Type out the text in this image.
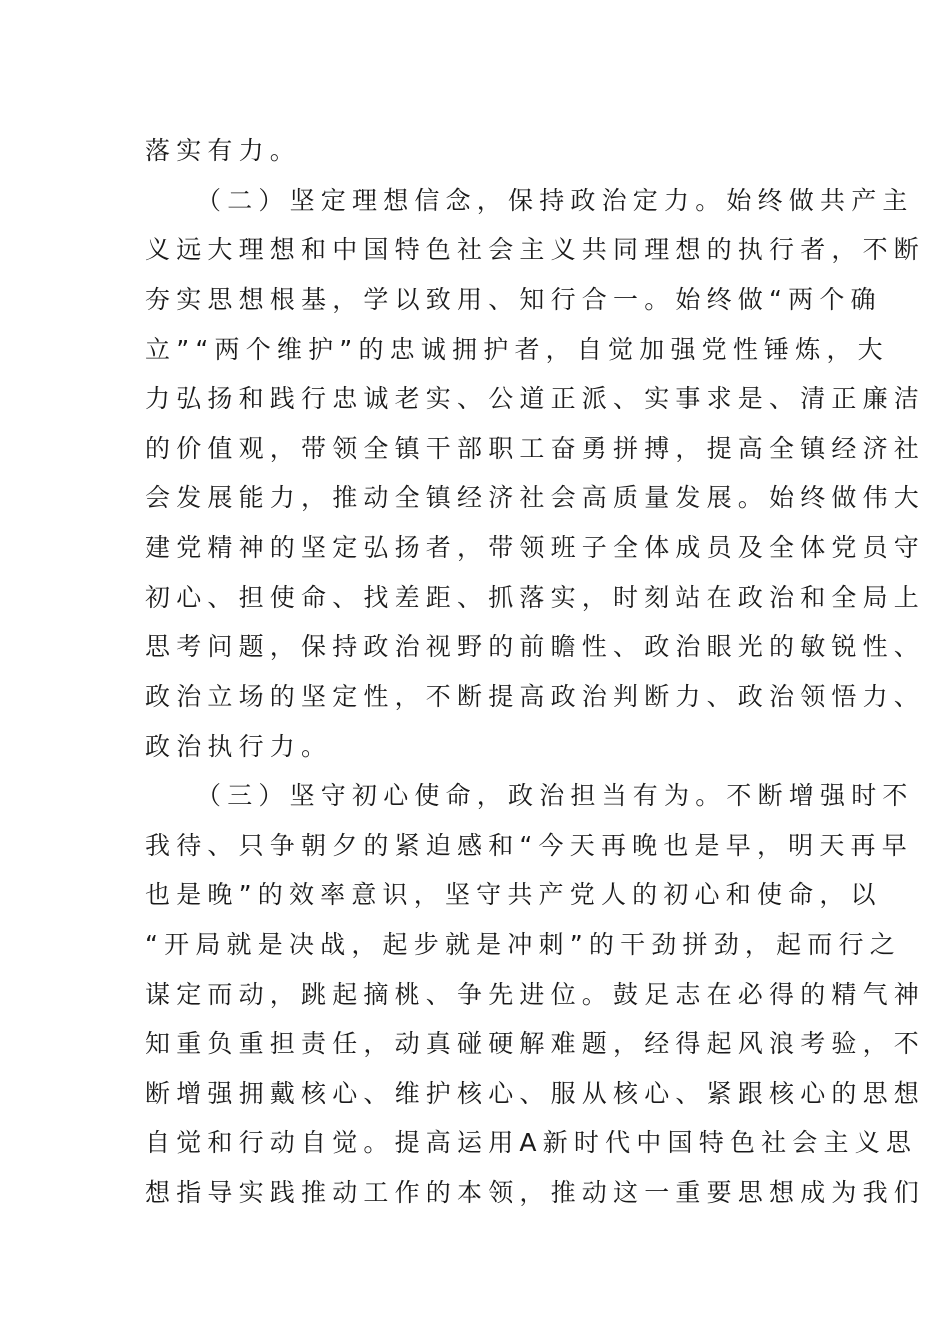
落实有力。
（二）坚定理想信念，保持政治定力。始终做共产主
义远大理想和中国特色社会主义共同理想的执行者，不断
夯实思想根基，学以致用、知行合一。始终做“两个确
立”“两个维护”的忠诚拥护者，自觉加强党性锤炼，大
力弘扬和践行忠诚老实、公道正派、实事求是、清正廉洁
的价值观，带领全镇干部职工奋勇拼搏，提高全镇经济社
会发展能力，推动全镇经济社会高质量发展。始终做伟大
建党精神的坚定弘扬者，带领班子全体成员及全体党员守
初心、担使命、找差距、抓落实，时刻站在政治和全局上
思考问题，保持政治视野的前瞻性、政治眼光的敏锐性、
政治立场的坚定性，不断提高政治判断力、政治领悟力、
政治执行力。
（三）坚守初心使命，政治担当有为。不断增强时不
我待、只争朝夕的紧迫感和“今天再晚也是早，明天再早
也是晚”的效率意识，坚守共产党人的初心和使命，以
“开局就是决战，起步就是冲刺”的干劲拼劲，起而行之
谋定而动，跳起摘桃、争先进位。鼓足志在必得的精气神
知重负重担责任，动真碰硬解难题，经得起风浪考验，不
断增强拥戴核心、维护核心、服从核心、紧跟核心的思想
自觉和行动自觉。提高运用A新时代中国特色社会主义思
想指导实践推动工作的本领，推动这一重要思想成为我们
